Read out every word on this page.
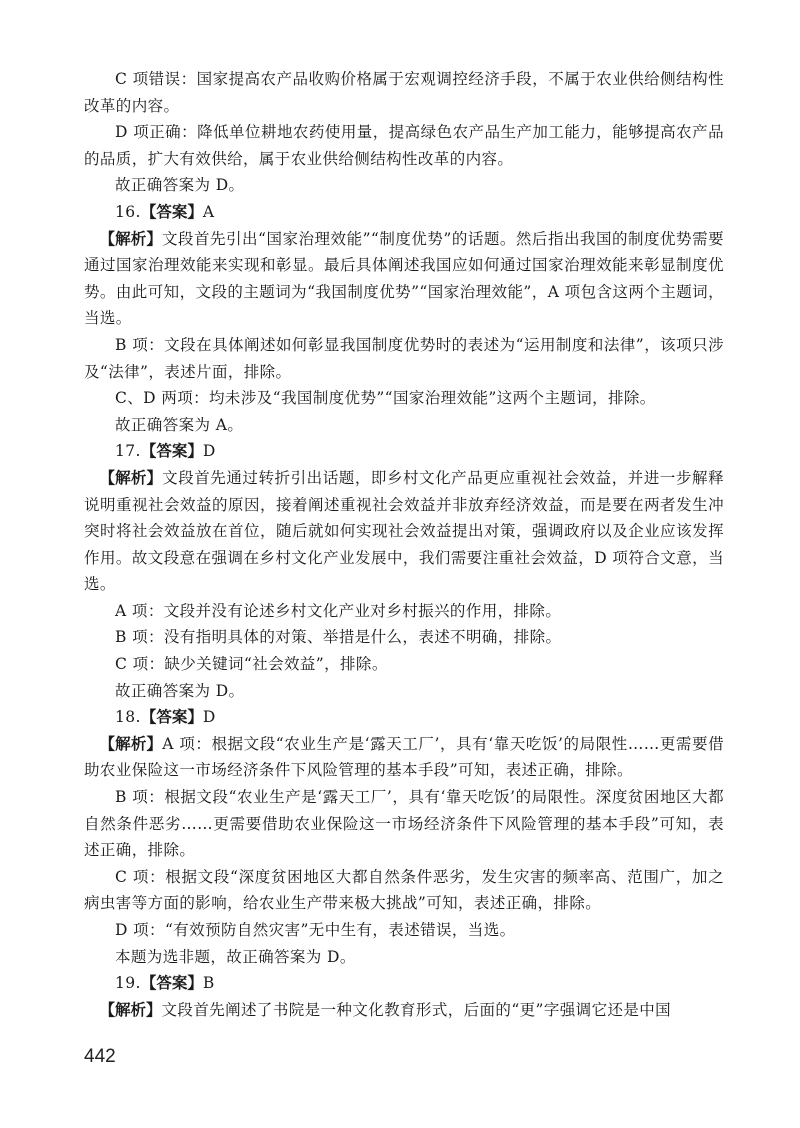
C 项错误：国家提高农产品收购价格属于宏观调控经济手段，不属于农业供给侧结构性改革的内容。

D 项正确：降低单位耕地农药使用量，提高绿色农产品生产加工能力，能够提高农产品的品质，扩大有效供给，属于农业供给侧结构性改革的内容。

故正确答案为 D。

16.【答案】A

【解析】文段首先引出“国家治理效能”“制度优势”的话题。然后指出我国的制度优势需要通过国家治理效能来实现和彰显。最后具体阐述我国应如何通过国家治理效能来彰显制度优势。由此可知，文段的主题词为“我国制度优势”“国家治理效能”，A 项包含这两个主题词，当选。

B 项：文段在具体阐述如何彰显我国制度优势时的表述为“运用制度和法律”，该项只涉及“法律”，表述片面，排除。

C、D 两项：均未涉及“我国制度优势”“国家治理效能”这两个主题词，排除。

故正确答案为 A。

17.【答案】D

【解析】文段首先通过转折引出话题，即乡村文化产品更应重视社会效益，并进一步解释说明重视社会效益的原因，接着阐述重视社会效益并非放弃经济效益，而是要在两者发生冲突时将社会效益放在首位，随后就如何实现社会效益提出对策，强调政府以及企业应该发挥作用。故文段意在强调在乡村文化产业发展中，我们需要注重社会效益，D 项符合文意，当选。

A 项：文段并没有论述乡村文化产业对乡村振兴的作用，排除。

B 项：没有指明具体的对策、举措是什么，表述不明确，排除。

C 项：缺少关键词“社会效益”，排除。

故正确答案为 D。

18.【答案】D

【解析】A 项：根据文段“农业生产是‘露天工厂’，具有‘靠天吃饭’的局限性……更需要借助农业保险这一市场经济条件下风险管理的基本手段”可知，表述正确，排除。

B 项：根据文段“农业生产是‘露天工厂’，具有‘靠天吃饭’的局限性。深度贫困地区大都自然条件恶劣……更需要借助农业保险这一市场经济条件下风险管理的基本手段”可知，表述正确，排除。

C 项：根据文段“深度贫困地区大都自然条件恶劣，发生灾害的频率高、范围广，加之病虫害等方面的影响，给农业生产带来极大挑战”可知，表述正确，排除。

D 项：“有效预防自然灾害”无中生有，表述错误，当选。

本题为选非题，故正确答案为 D。

19.【答案】B

【解析】文段首先阐述了书院是一种文化教育形式，后面的“更”字强调它还是中国

442
